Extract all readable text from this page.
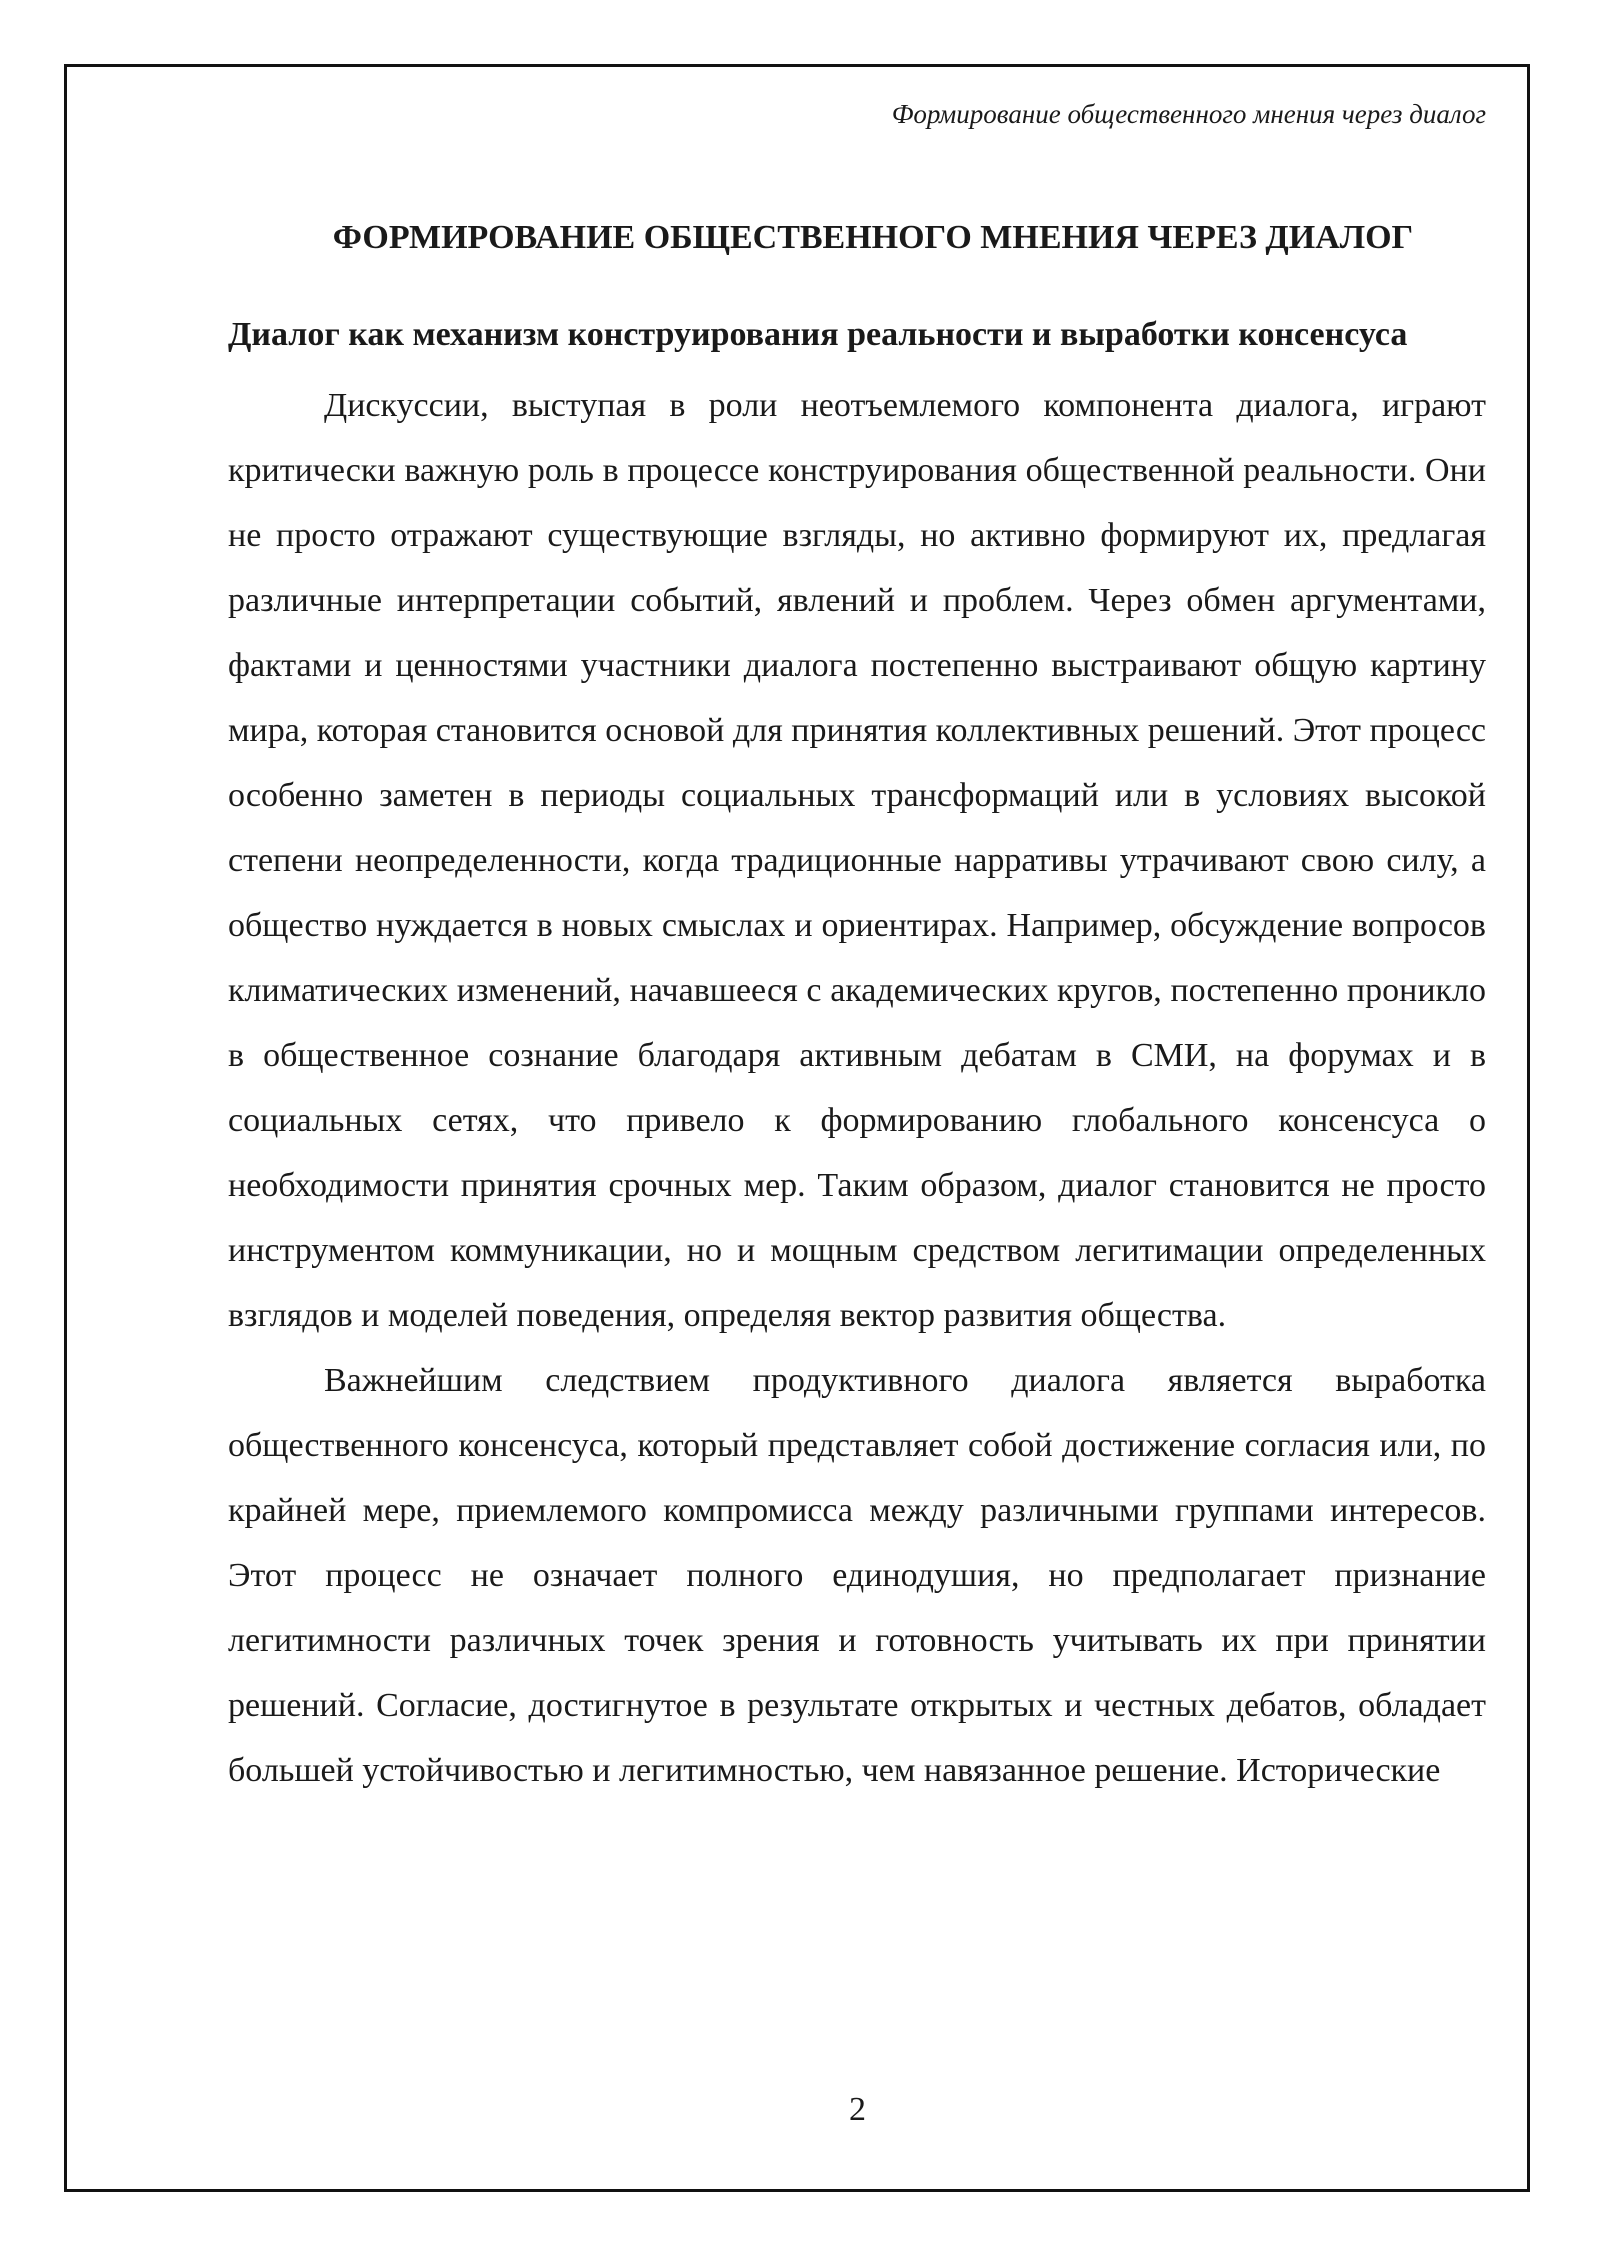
Формирование общественного мнения через диалог
ФОРМИРОВАНИЕ ОБЩЕСТВЕННОГО МНЕНИЯ ЧЕРЕЗ ДИАЛОГ
Диалог как механизм конструирования реальности и выработки консенсуса

Дискуссии, выступая в роли неотъемлемого компонента диалога, играют критически важную роль в процессе конструирования общественной реальности. Они не просто отражают существующие взгляды, но активно формируют их, предлагая различные интерпретации событий, явлений и проблем. Через обмен аргументами, фактами и ценностями участники диалога постепенно выстраивают общую картину мира, которая становится основой для принятия коллективных решений. Этот процесс особенно заметен в периоды социальных трансформаций или в условиях высокой степени неопределенности, когда традиционные нарративы утрачивают свою силу, а общество нуждается в новых смыслах и ориентирах. Например, обсуждение вопросов климатических изменений, начавшееся с академических кругов, постепенно проникло в общественное сознание благодаря активным дебатам в СМИ, на форумах и в социальных сетях, что привело к формированию глобального консенсуса о необходимости принятия срочных мер. Таким образом, диалог становится не просто инструментом коммуникации, но и мощным средством легитимации определенных взглядов и моделей поведения, определяя вектор развития общества.

Важнейшим следствием продуктивного диалога является выработка общественного консенсуса, который представляет собой достижение согласия или, по крайней мере, приемлемого компромисса между различными группами интересов. Этот процесс не означает полного единодушия, но предполагает признание легитимности различных точек зрения и готовность учитывать их при принятии решений. Согласие, достигнутое в результате открытых и честных дебатов, обладает большей устойчивостью и легитимностью, чем навязанное решение. Исторические

2
